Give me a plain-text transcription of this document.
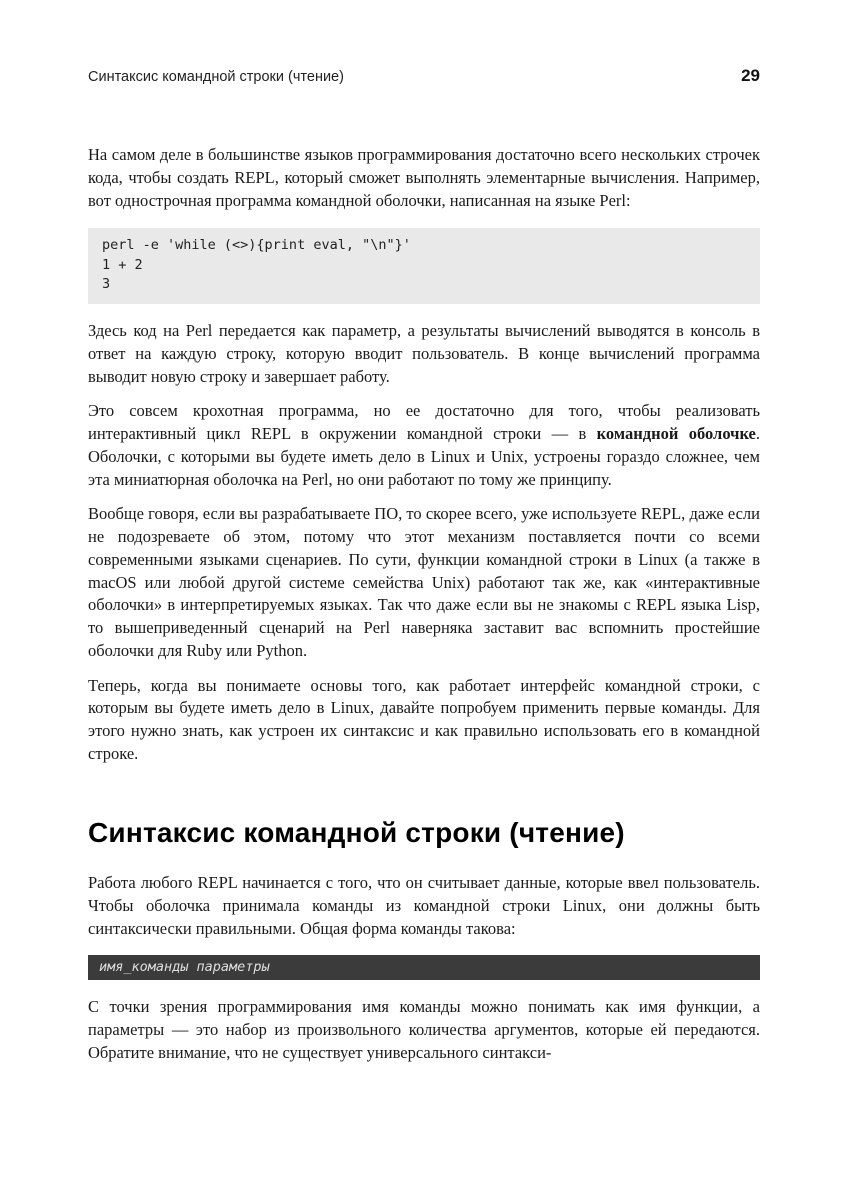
Синтаксис командной строки (чтение)	29

На самом деле в большинстве языков программирования достаточно всего нескольких строчек кода, чтобы создать REPL, который сможет выполнять элементарные вычисления. Например, вот однострочная программа командной оболочки, написанная на языке Perl:

perl -e 'while (<>){print eval, "\n"}'
1 + 2
3

Здесь код на Perl передается как параметр, а результаты вычислений выводятся в консоль в ответ на каждую строку, которую вводит пользователь. В конце вычислений программа выводит новую строку и завершает работу.

Это совсем крохотная программа, но ее достаточно для того, чтобы реализовать интерактивный цикл REPL в окружении командной строки — в командной оболочке. Оболочки, с которыми вы будете иметь дело в Linux и Unix, устроены гораздо сложнее, чем эта миниатюрная оболочка на Perl, но они работают по тому же принципу.

Вообще говоря, если вы разрабатываете ПО, то скорее всего, уже используете REPL, даже если не подозреваете об этом, потому что этот механизм поставляется почти со всеми современными языками сценариев. По сути, функции командной строки в Linux (а также в macOS или любой другой системе семейства Unix) работают так же, как «интерактивные оболочки» в интерпретируемых языках. Так что даже если вы не знакомы с REPL языка Lisp, то вышеприведенный сценарий на Perl наверняка заставит вас вспомнить простейшие оболочки для Ruby или Python.

Теперь, когда вы понимаете основы того, как работает интерфейс командной строки, с которым вы будете иметь дело в Linux, давайте попробуем применить первые команды. Для этого нужно знать, как устроен их синтаксис и как правильно использовать его в командной строке.

Синтаксис командной строки (чтение)

Работа любого REPL начинается с того, что он считывает данные, которые ввел пользователь. Чтобы оболочка принимала команды из командной строки Linux, они должны быть синтаксически правильными. Общая форма команды такова:

имя_команды параметры

С точки зрения программирования имя команды можно понимать как имя функции, а параметры — это набор из произвольного количества аргументов, которые ей передаются. Обратите внимание, что не существует универсального синтакси-
